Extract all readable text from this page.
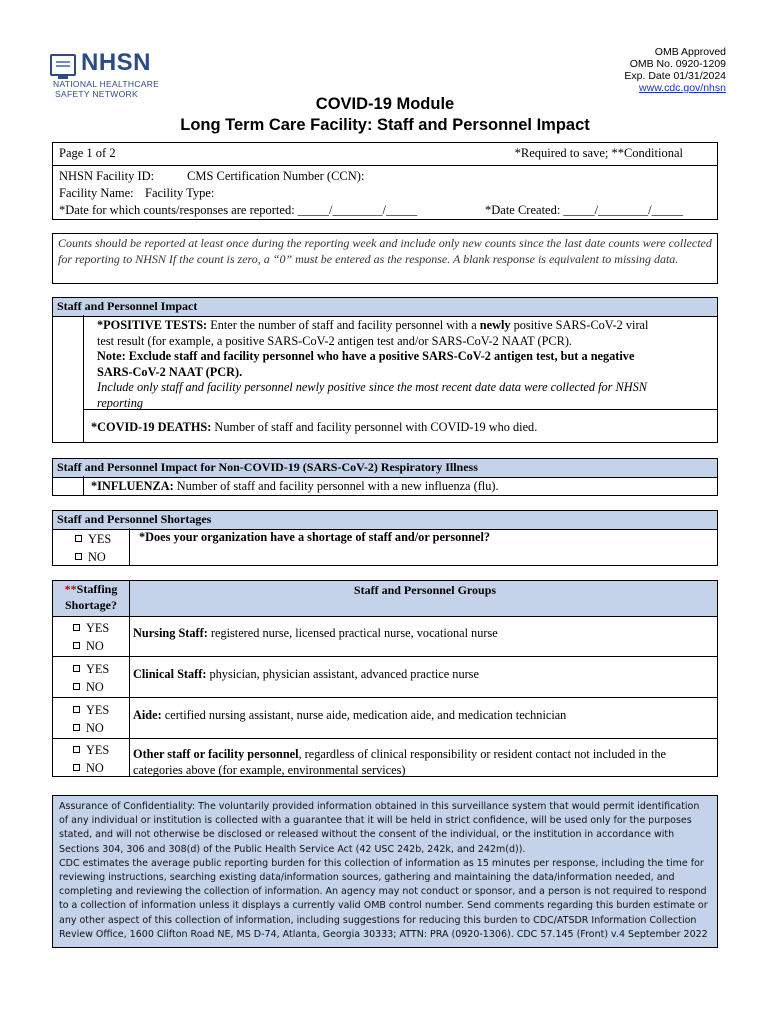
NHSN
NATIONAL HEALTHCARE
SAFETY NETWORK
OMB Approved
OMB No. 0920-1209
Exp. Date 01/31/2024
www.cdc.gov/nhsn
COVID-19 Module
Long Term Care Facility: Staff and Personnel Impact
Page 1 of 2	*Required to save; **Conditional
NHSN Facility ID:	CMS Certification Number (CCN):
Facility Name: Facility Type:
*Date for which counts/responses are reported: _____/________/_____	*Date Created: _____/________/_____
Counts should be reported at least once during the reporting week and include only new counts since the last date counts were collected for reporting to NHSN If the count is zero, a “0” must be entered as the response. A blank response is equivalent to missing data.
Staff and Personnel Impact
*POSITIVE TESTS: Enter the number of staff and facility personnel with a newly positive SARS-CoV-2 viral
test result (for example, a positive SARS-CoV-2 antigen test and/or SARS-CoV-2 NAAT (PCR).
Note: Exclude staff and facility personnel who have a positive SARS-CoV-2 antigen test, but a negative
SARS-CoV-2 NAAT (PCR).
Include only staff and facility personnel newly positive since the most recent date data were collected for NHSN
reporting
*COVID-19 DEATHS: Number of staff and facility personnel with COVID-19 who died.
Staff and Personnel Impact for Non-COVID-19 (SARS-CoV-2) Respiratory Illness
*INFLUENZA: Number of staff and facility personnel with a new influenza (flu).
Staff and Personnel Shortages
YES
NO
*Does your organization have a shortage of staff and/or personnel?
**Staffing
Shortage?
Staff and Personnel Groups
YES
NO
Nursing Staff: registered nurse, licensed practical nurse, vocational nurse
YES
NO
Clinical Staff: physician, physician assistant, advanced practice nurse
YES
NO
Aide: certified nursing assistant, nurse aide, medication aide, and medication technician
YES
NO
Other staff or facility personnel, regardless of clinical responsibility or resident contact not included in the
categories above (for example, environmental services)

Assurance of Confidentiality: The voluntarily provided information obtained in this surveillance system that would permit identification of any individual or institution is collected with a guarantee that it will be held in strict confidence, will be used only for the purposes stated, and will not otherwise be disclosed or released without the consent of the individual, or the institution in accordance with Sections 304, 306 and 308(d) of the Public Health Service Act (42 USC 242b, 242k, and 242m(d)).

CDC estimates the average public reporting burden for this collection of information as 15 minutes per response, including the time for reviewing instructions, searching existing data/information sources, gathering and maintaining the data/information needed, and completing and reviewing the collection of information. An agency may not conduct or sponsor, and a person is not required to respond to a collection of information unless it displays a currently valid OMB control number. Send comments regarding this burden estimate or any other aspect of this collection of information, including suggestions for reducing this burden to CDC/ATSDR Information Collection Review Office, 1600 Clifton Road NE, MS D-74, Atlanta, Georgia 30333; ATTN: PRA (0920-1306). CDC 57.145 (Front) v.4 September 2022
